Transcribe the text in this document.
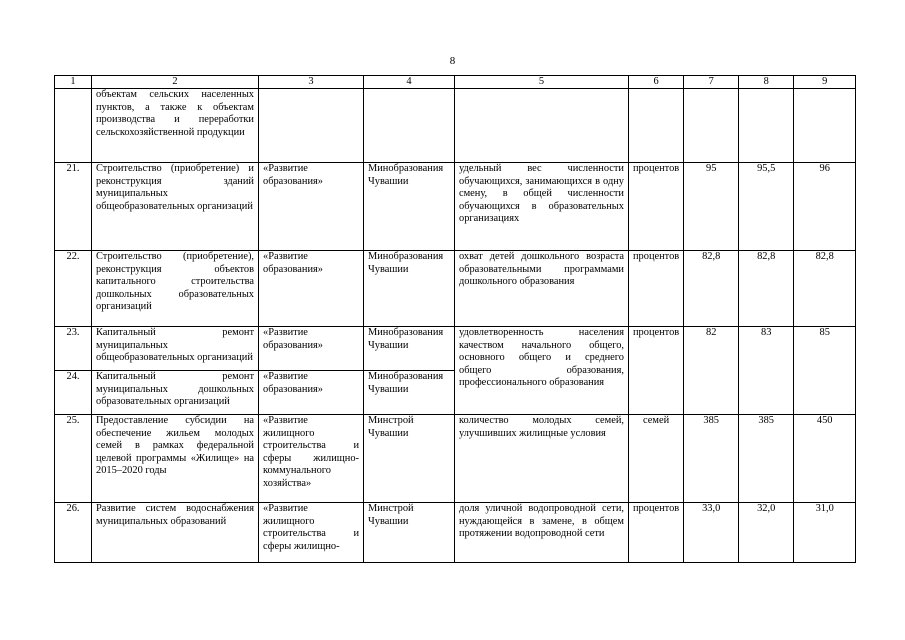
8
1	2	3	4	5	6	7	8	9
	объектам сельских населенных пунктов, а также к объектам производства и переработки сельскохозяйственной продукции							
21.	Строительство (приобретение) и реконструкция зданий муниципальных общеобразовательных организаций	«Развитие образования»	Минобразования Чувашии	удельный вес численности обучающихся, занимающихся в одну смену, в общей численности обучающихся в образовательных организациях	процентов	95	95,5	96
22.	Строительство (приобретение), реконструкция объектов капитального строительства дошкольных образовательных организаций	«Развитие образования»	Минобразования Чувашии	охват детей дошкольного возраста образовательными программами дошкольного образования	процентов	82,8	82,8	82,8
23.	Капитальный ремонт муниципальных общеобразовательных организаций	«Развитие образования»	Минобразования Чувашии	удовлетворенность населения качеством начального общего, основного общего и среднего общего образования, профессионального образования	процентов	82	83	85
24.	Капитальный ремонт муниципальных дошкольных образовательных организаций	«Развитие образования»	Минобразования Чувашии					
25.	Предоставление субсидии на обеспечение жильем молодых семей в рамках федеральной целевой программы «Жилище» на 2015–2020 годы	«Развитие жилищного строительства и сферы жилищно-коммунального хозяйства»	Минстрой Чувашии	количество молодых семей, улучшивших жилищные условия	семей	385	385	450
26.	Развитие систем водоснабжения муниципальных образований	«Развитие жилищного строительства и сферы жилищно-	Минстрой Чувашии	доля уличной водопроводной сети, нуждающейся в замене, в общем протяжении водопроводной сети	процентов	33,0	32,0	31,0
